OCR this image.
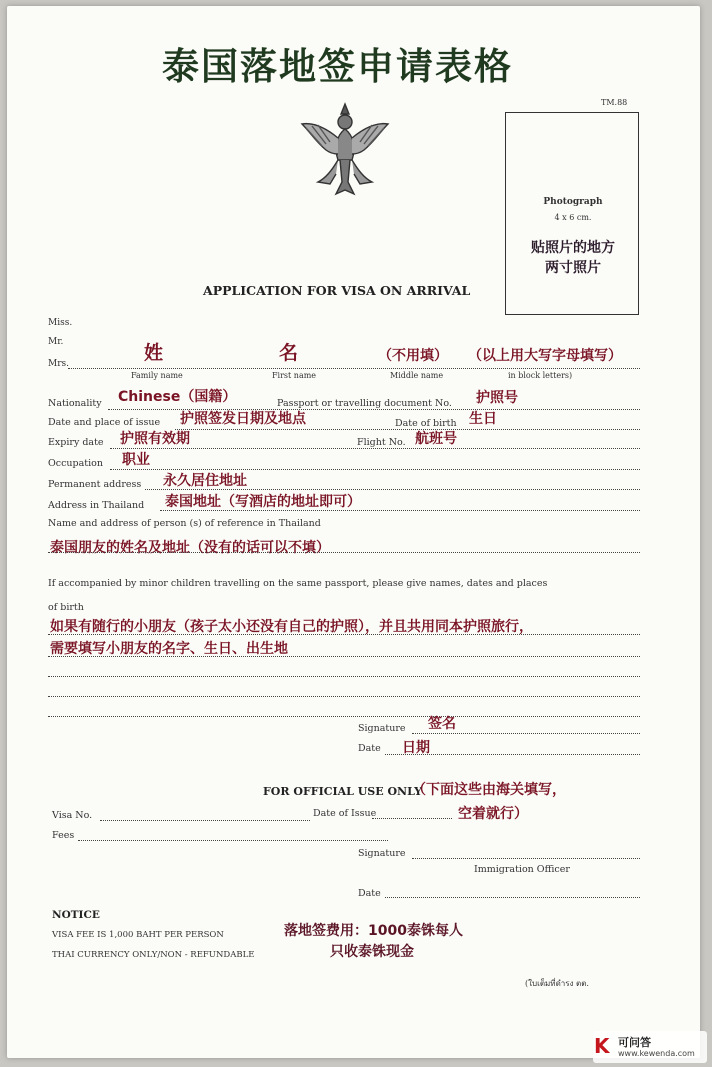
泰国落地签申请表格
TM.88
Photograph
4 x 6 cm.
贴照片的地方
两寸照片
APPLICATION FOR VISA ON ARRIVAL
Miss.
Mr.
Mrs.	姓	名	（不用填） （以上用大写字母填写）
Family name	First name	Middle name	in block letters)
Nationality Chinese（国籍）	Passport or travelling document No. 护照号
Date and place of issue 护照签发日期及地点	Date of birth 生日
Expiry date 护照有效期	Flight No. 航班号
Occupation 职业
Permanent address 永久居住地址
Address in Thailand 泰国地址（写酒店的地址即可）
Name and address of person (s) of reference in Thailand
泰国朋友的姓名及地址（没有的话可以不填）
If accompanied by minor children travelling on the same passport, please give names, dates and places
of birth
如果有随行的小朋友（孩子太小还没有自己的护照），并且共用同本护照旅行，
需要填写小朋友的名字、生日、出生地
Signature 签名
Date 日期
FOR OFFICIAL USE ONLY
（下面这些由海关填写，
空着就行）
Visa No.	Date of Issue
Fees
Signature
Immigration Officer
Date
NOTICE
VISA FEE IS 1,000 BAHT PER PERSON	落地签费用：1000泰铢每人
THAI CURRENCY ONLY/NON - REFUNDABLE	只收泰铢现金
(ใบเต็มที่ดำรง ตต.
K 可问答
www.kewenda.com
